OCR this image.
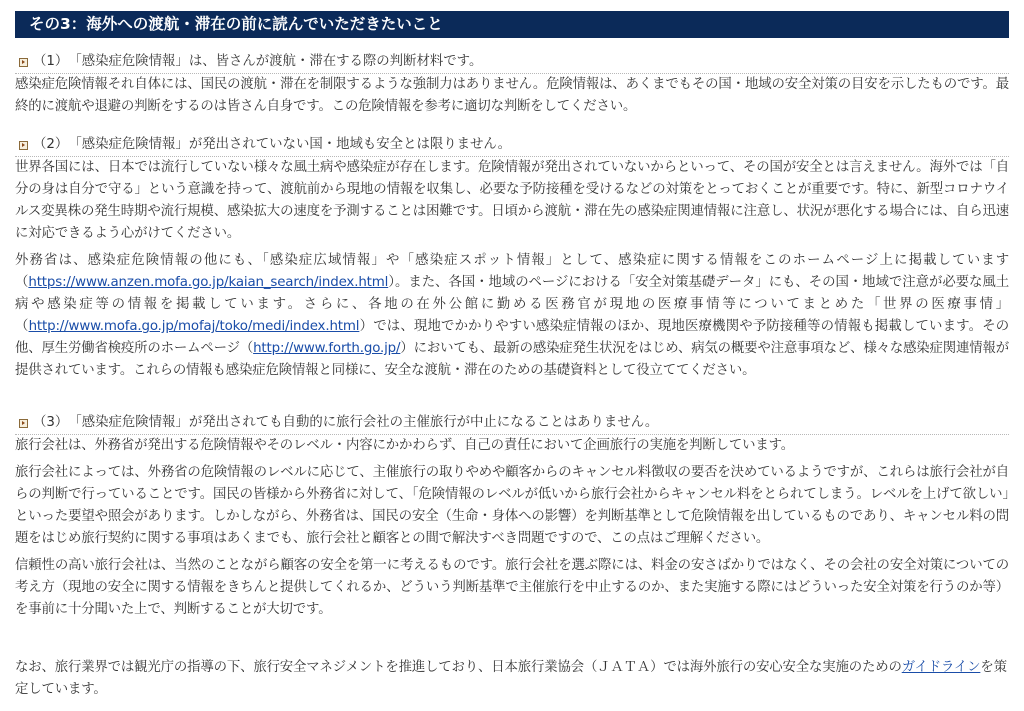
その3：海外への渡航・滞在の前に読んでいただきたいこと
（1） 「感染症危険情報」は、皆さんが渡航・滞在する際の判断材料です。

感染症危険情報それ自体には、国民の渡航・滞在を制限するような強制力はありません。危険情報は、あくまでもその国・地域の安全対策の目安を示したものです。最終的に渡航や退避の判断をするのは皆さん自身です。この危険情報を参考に適切な判断をしてください。

（2） 「感染症危険情報」が発出されていない国・地域も安全とは限りません。

世界各国には、日本では流行していない様々な風土病や感染症が存在します。危険情報が発出されていないからといって、その国が安全とは言えません。海外では「自分の身は自分で守る」という意識を持って、渡航前から現地の情報を収集し、必要な予防接種を受けるなどの対策をとっておくことが重要です。特に、新型コロナウイルス変異株の発生時期や流行規模、感染拡大の速度を予測することは困難です。日頃から渡航・滞在先の感染症関連情報に注意し、状況が悪化する場合には、自ら迅速に対応できるよう心がけてください。

外務省は、感染症危険情報の他にも、「感染症広域情報」や「感染症スポット情報」として、感染症に関する情報をこのホームページ上に掲載しています（https://www.anzen.mofa.go.jp/kaian_search/index.html）。また、各国・地域のページにおける「安全対策基礎データ」にも、その国・地域で注意が必要な風土病や感染症等の情報を掲載しています。さらに、各地の在外公館に勤める医務官が現地の医療事情等についてまとめた「世界の医療事情」（http://www.mofa.go.jp/mofaj/toko/medi/index.html）では、現地でかかりやすい感染症情報のほか、現地医療機関や予防接種等の情報も掲載しています。その他、厚生労働省検疫所のホームページ（http://www.forth.go.jp/）においても、最新の感染症発生状況をはじめ、病気の概要や注意事項など、様々な感染症関連情報が提供されています。これらの情報も感染症危険情報と同様に、安全な渡航・滞在のための基礎資料として役立ててください。

（3） 「感染症危険情報」が発出されても自動的に旅行会社の主催旅行が中止になることはありません。

旅行会社は、外務省が発出する危険情報やそのレベル・内容にかかわらず、自己の責任において企画旅行の実施を判断しています。

旅行会社によっては、外務省の危険情報のレベルに応じて、主催旅行の取りやめや顧客からのキャンセル料徴収の要否を決めているようですが、これらは旅行会社が自らの判断で行っていることです。国民の皆様から外務省に対して、「危険情報のレベルが低いから旅行会社からキャンセル料をとられてしまう。レベルを上げて欲しい」といった要望や照会があります。しかしながら、外務省は、国民の安全（生命・身体への影響）を判断基準として危険情報を出しているものであり、キャンセル料の問題をはじめ旅行契約に関する事項はあくまでも、旅行会社と顧客との間で解決すべき問題ですので、この点はご理解ください。

信頼性の高い旅行会社は、当然のことながら顧客の安全を第一に考えるものです。旅行会社を選ぶ際には、料金の安さばかりではなく、その会社の安全対策についての考え方（現地の安全に関する情報をきちんと提供してくれるか、どういう判断基準で主催旅行を中止するのか、また実施する際にはどういった安全対策を行うのか等）を事前に十分聞いた上で、判断することが大切です。

なお、旅行業界では観光庁の指導の下、旅行安全マネジメントを推進しており、日本旅行業協会（ＪＡＴＡ）では海外旅行の安心安全な実施のためのガイドラインを策定しています。
